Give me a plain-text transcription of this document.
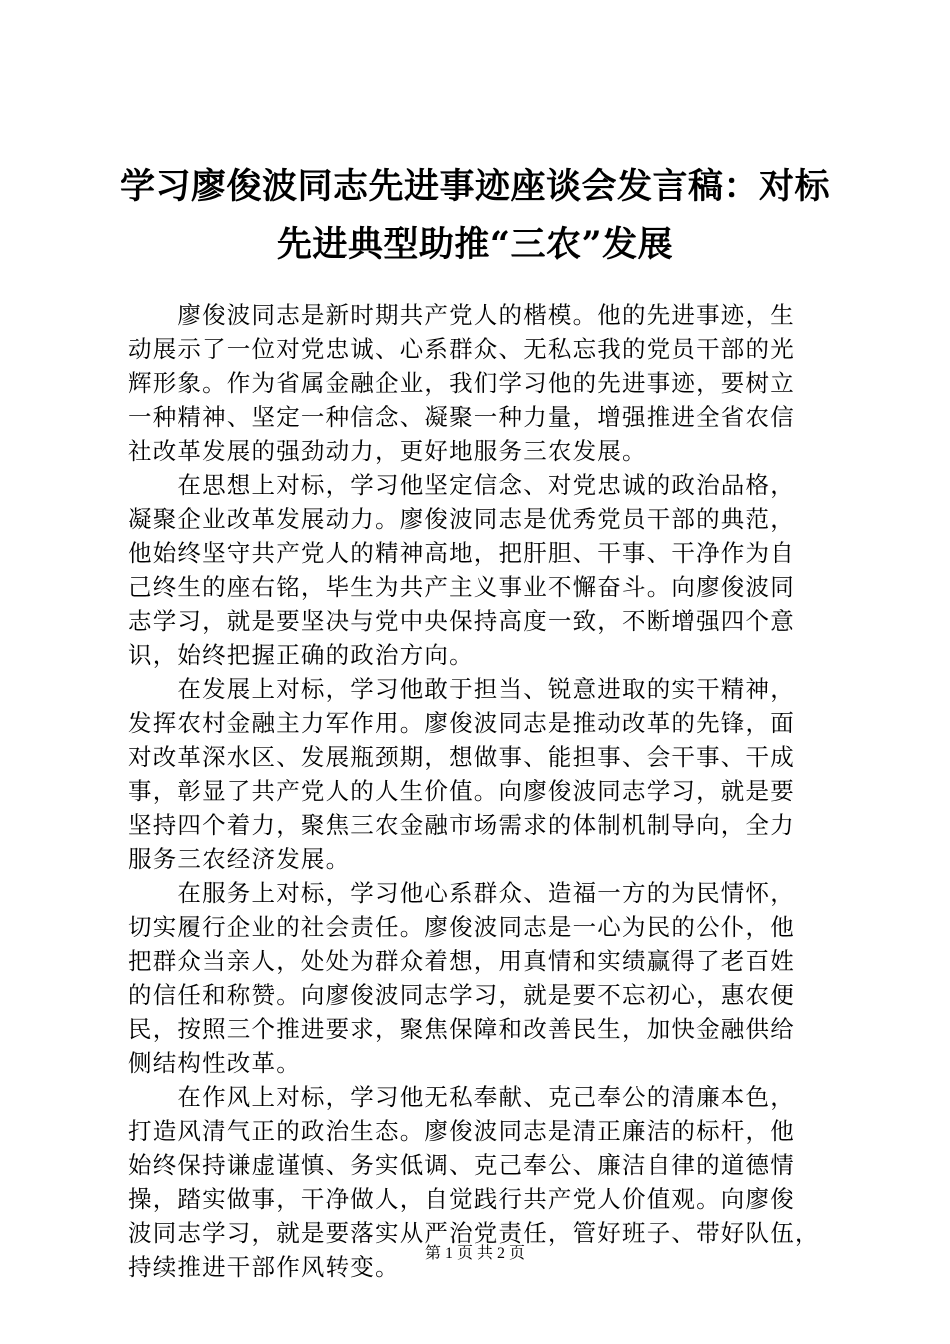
学习廖俊波同志先进事迹座谈会发言稿：对标
先进典型助推“三农”发展
　　廖俊波同志是新时期共产党人的楷模。他的先进事迹，生
动展示了一位对党忠诚、心系群众、无私忘我的党员干部的光
辉形象。作为省属金融企业，我们学习他的先进事迹，要树立
一种精神、坚定一种信念、凝聚一种力量，增强推进全省农信
社改革发展的强劲动力，更好地服务三农发展。
　　在思想上对标，学习他坚定信念、对党忠诚的政治品格，
凝聚企业改革发展动力。廖俊波同志是优秀党员干部的典范，
他始终坚守共产党人的精神高地，把肝胆、干事、干净作为自
己终生的座右铭，毕生为共产主义事业不懈奋斗。向廖俊波同
志学习，就是要坚决与党中央保持高度一致，不断增强四个意
识，始终把握正确的政治方向。
　　在发展上对标，学习他敢于担当、锐意进取的实干精神，
发挥农村金融主力军作用。廖俊波同志是推动改革的先锋，面
对改革深水区、发展瓶颈期，想做事、能担事、会干事、干成
事，彰显了共产党人的人生价值。向廖俊波同志学习，就是要
坚持四个着力，聚焦三农金融市场需求的体制机制导向，全力
服务三农经济发展。
　　在服务上对标，学习他心系群众、造福一方的为民情怀，
切实履行企业的社会责任。廖俊波同志是一心为民的公仆，他
把群众当亲人，处处为群众着想，用真情和实绩赢得了老百姓
的信任和称赞。向廖俊波同志学习，就是要不忘初心，惠农便
民，按照三个推进要求，聚焦保障和改善民生，加快金融供给
侧结构性改革。
　　在作风上对标，学习他无私奉献、克己奉公的清廉本色，
打造风清气正的政治生态。廖俊波同志是清正廉洁的标杆，他
始终保持谦虚谨慎、务实低调、克己奉公、廉洁自律的道德情
操，踏实做事，干净做人，自觉践行共产党人价值观。向廖俊
波同志学习，就是要落实从严治党责任，管好班子、带好队伍，
持续推进干部作风转变。	第 1 页 共 2 页
